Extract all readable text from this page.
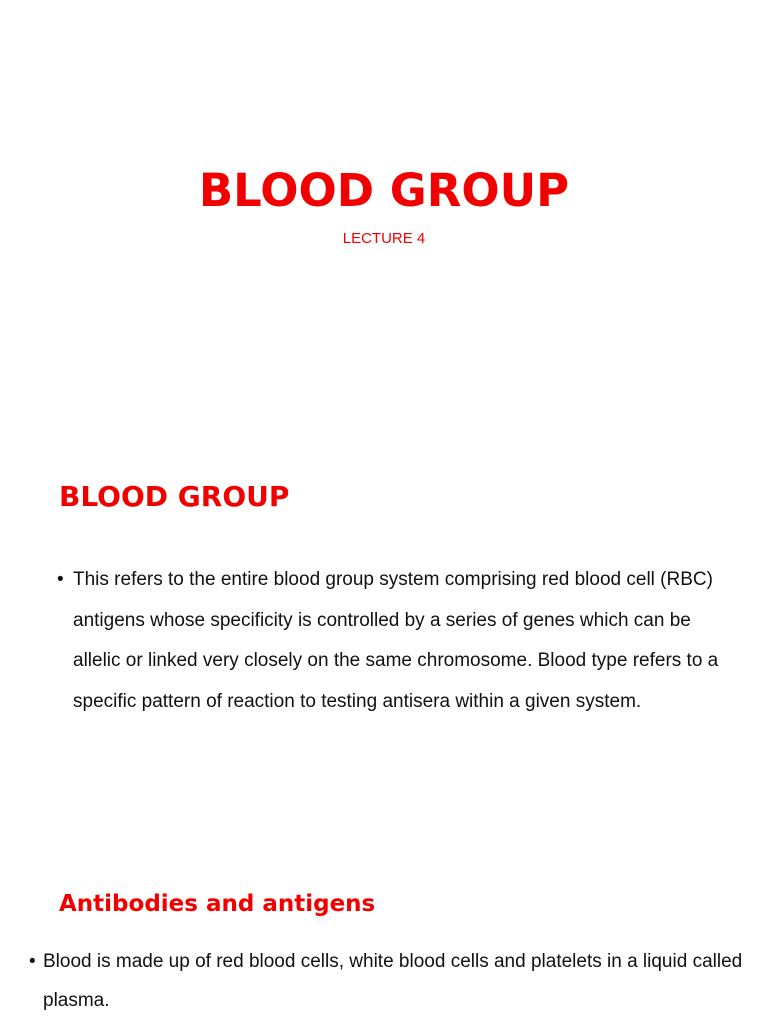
BLOOD GROUP

LECTURE 4

BLOOD GROUP
• This refers to the entire blood group system comprising red blood cell (RBC) antigens whose specificity is controlled by a series of genes which can be allelic or linked very closely on the same chromosome. Blood type refers to a specific pattern of reaction to testing antisera within a given system.
Antibodies and antigens
• Blood is made up of red blood cells, white blood cells and platelets in a liquid called plasma.
